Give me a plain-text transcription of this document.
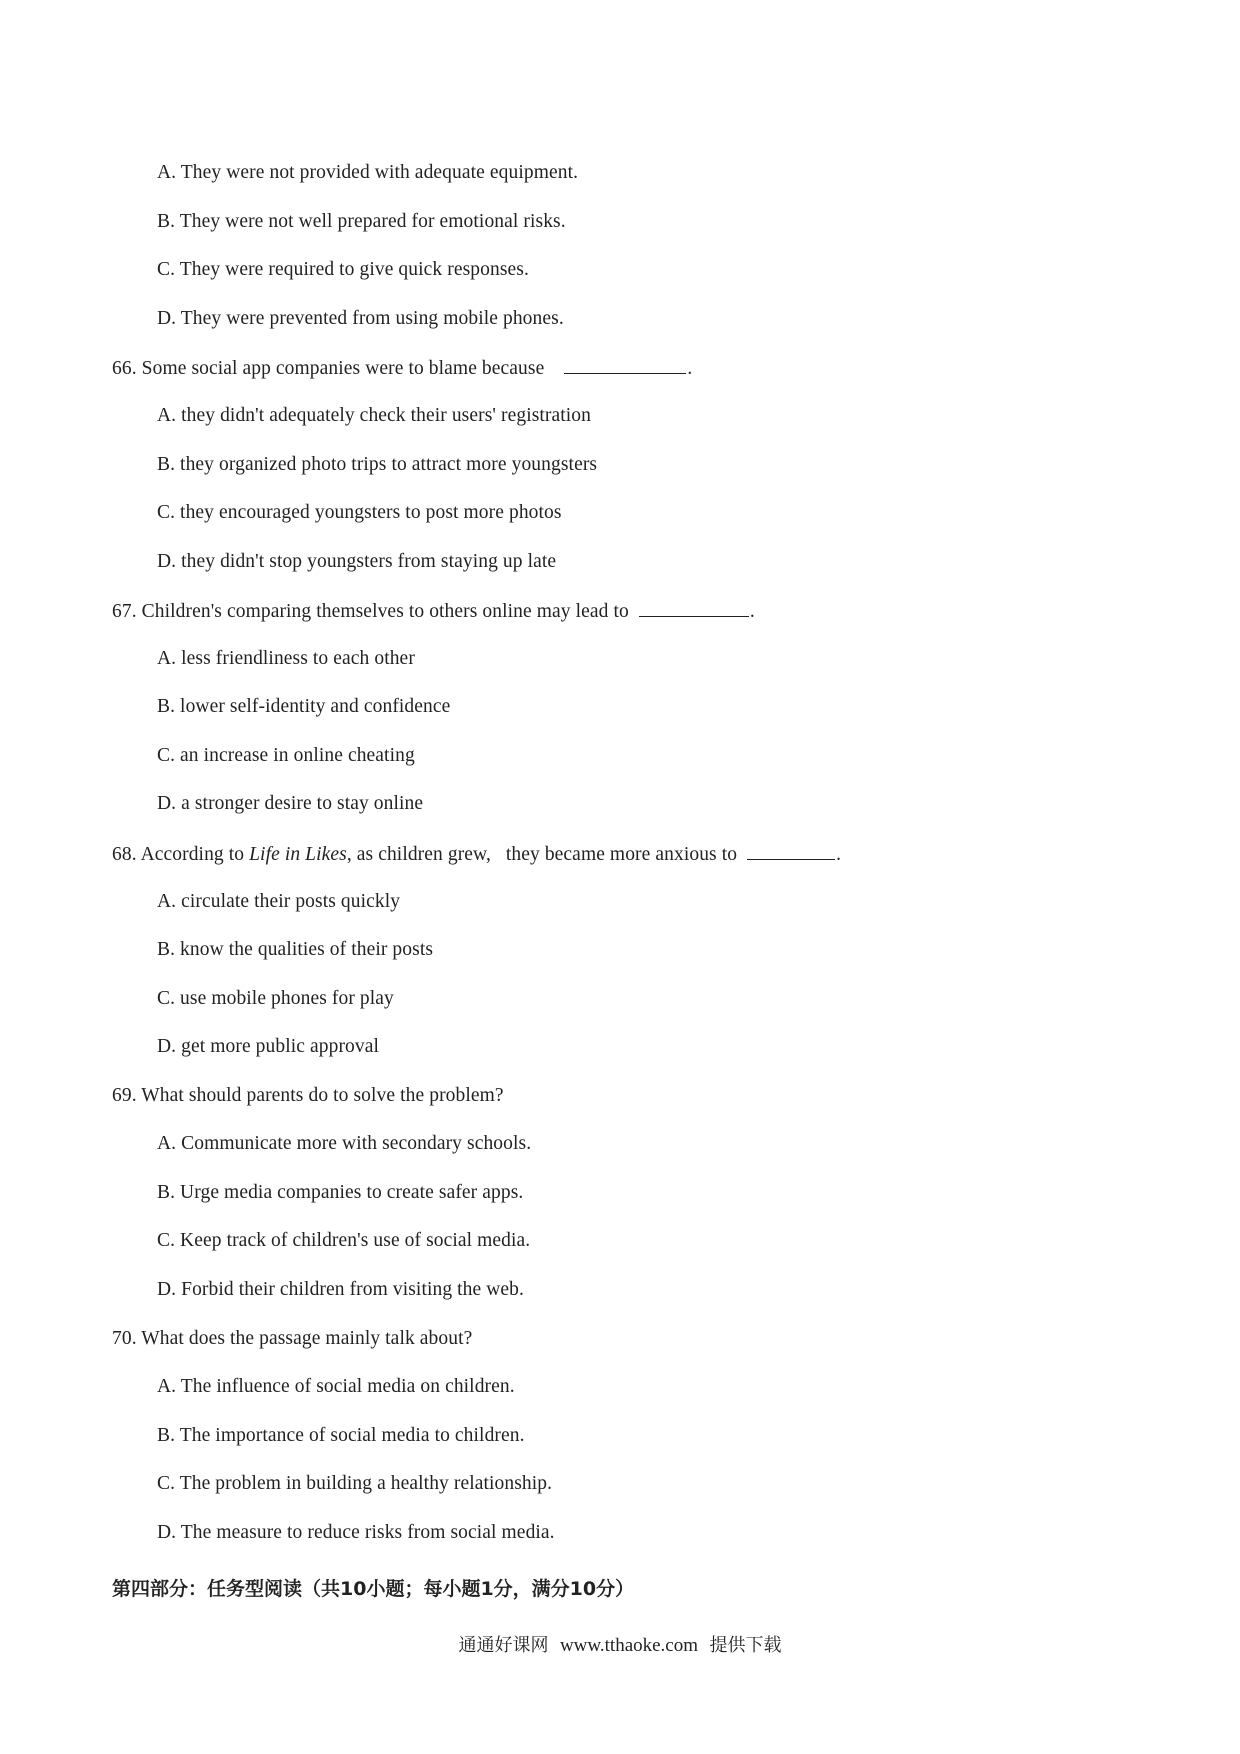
A. They were not provided with adequate equipment.
B. They were not well prepared for emotional risks.
C. They were required to give quick responses.
D. They were prevented from using mobile phones.
66. Some social app companies were to blame because	.
A. they didn't adequately check their users' registration
B. they organized photo trips to attract more youngsters
C. they encouraged youngsters to post more photos
D. they didn't stop youngsters from staying up late
67. Children's comparing themselves to others online may lead to	.
A. less friendliness to each other
B. lower self-identity and confidence
C. an increase in online cheating
D. a stronger desire to stay online
68. According to Life in Likes, as children grew,   they became more anxious to	.
A. circulate their posts quickly
B. know the qualities of their posts
C. use mobile phones for play
D. get more public approval
69. What should parents do to solve the problem?
A. Communicate more with secondary schools.
B. Urge media companies to create safer apps.
C. Keep track of children's use of social media.
D. Forbid their children from visiting the web.
70. What does the passage mainly talk about?
A. The influence of social media on children.
B. The importance of social media to children.
C. The problem in building a healthy relationship.
D. The measure to reduce risks from social media.
第四部分：任务型阅读（共10小题；每小题1分，满分10分）
通通好课网 www.tthaoke.com 提供下载
